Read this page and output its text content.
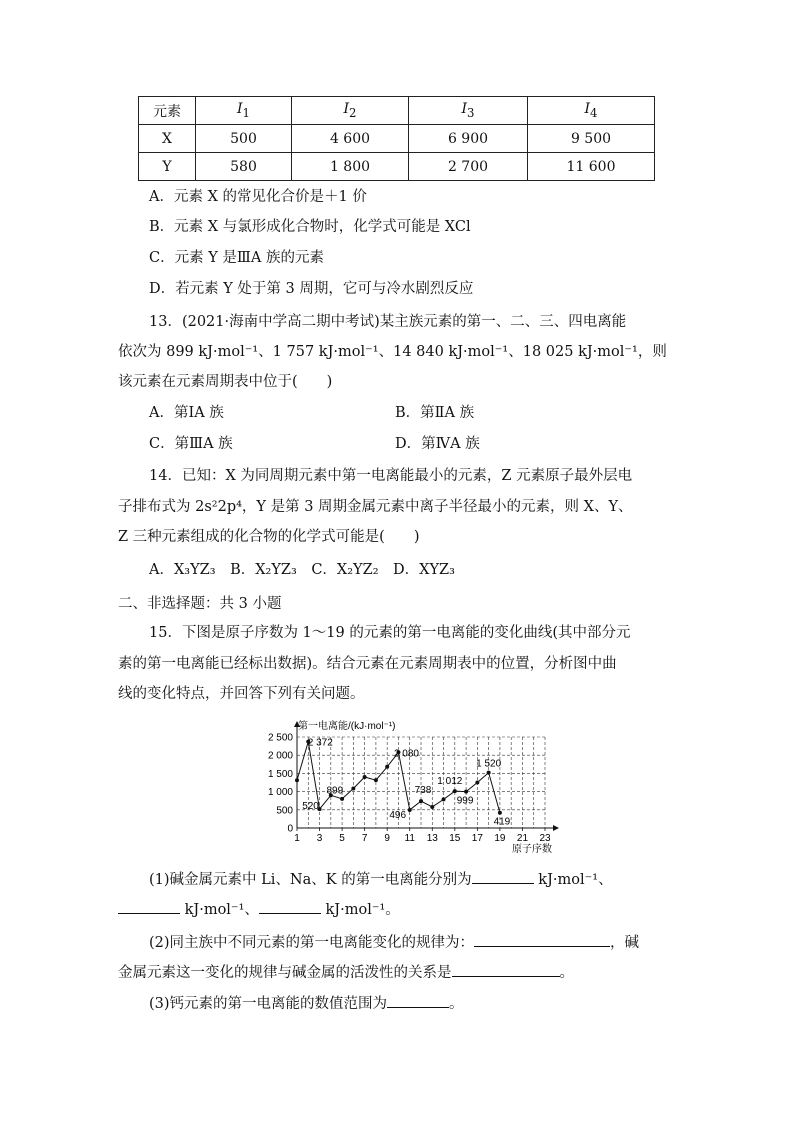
元素	$I_1$	$I_2$	$I_3$	$I_4$
X	500	4 600	6 900	9 500
Y	580	1 800	2 700	11 600
A．元素 X 的常见化合价是＋1 价
B．元素 X 与氯形成化合物时，化学式可能是 XCl
C．元素 Y 是ⅢA 族的元素
D．若元素 Y 处于第 3 周期，它可与冷水剧烈反应
13．(2021·海南中学高二期中考试)某主族元素的第一、二、三、四电离能
依次为 899 kJ·mol⁻¹、1 757 kJ·mol⁻¹、14 840 kJ·mol⁻¹、18 025 kJ·mol⁻¹，则
该元素在元素周期表中位于(　　)
A．第ⅠA 族	B．第ⅡA 族
C．第ⅢA 族	D．第ⅣA 族
14．已知：X 为同周期元素中第一电离能最小的元素，Z 元素原子最外层电
子排布式为 2s²2p⁴，Y 是第 3 周期金属元素中离子半径最小的元素，则 X、Y、
Z 三种元素组成的化合物的化学式可能是(　　)
A．X₃YZ₃　B．X₂YZ₃　C．X₂YZ₂　D．XYZ₃
二、非选择题：共 3 小题
15．下图是原子序数为 1～19 的元素的第一电离能的变化曲线(其中部分元
素的第一电离能已经标出数据)。结合元素在元素周期表中的位置，分析图中曲
线的变化特点，并回答下列有关问题。
0
500
1 000
1 500
2 000
2 500
1 3 5 7 9 11 13 15 17 19 21 23
2 372
520
899
2 080
496
738
1 012
999
1 520
419
第一电离能/(kJ·mol⁻¹)
原子序数
(1)碱金属元素中 Li、Na、K 的第一电离能分别为	kJ·mol⁻¹、
kJ·mol⁻¹、	kJ·mol⁻¹。
(2)同主族中不同元素的第一电离能变化的规律为：	，碱
金属元素这一变化的规律与碱金属的活泼性的关系是	。
(3)钙元素的第一电离能的数值范围为	。
